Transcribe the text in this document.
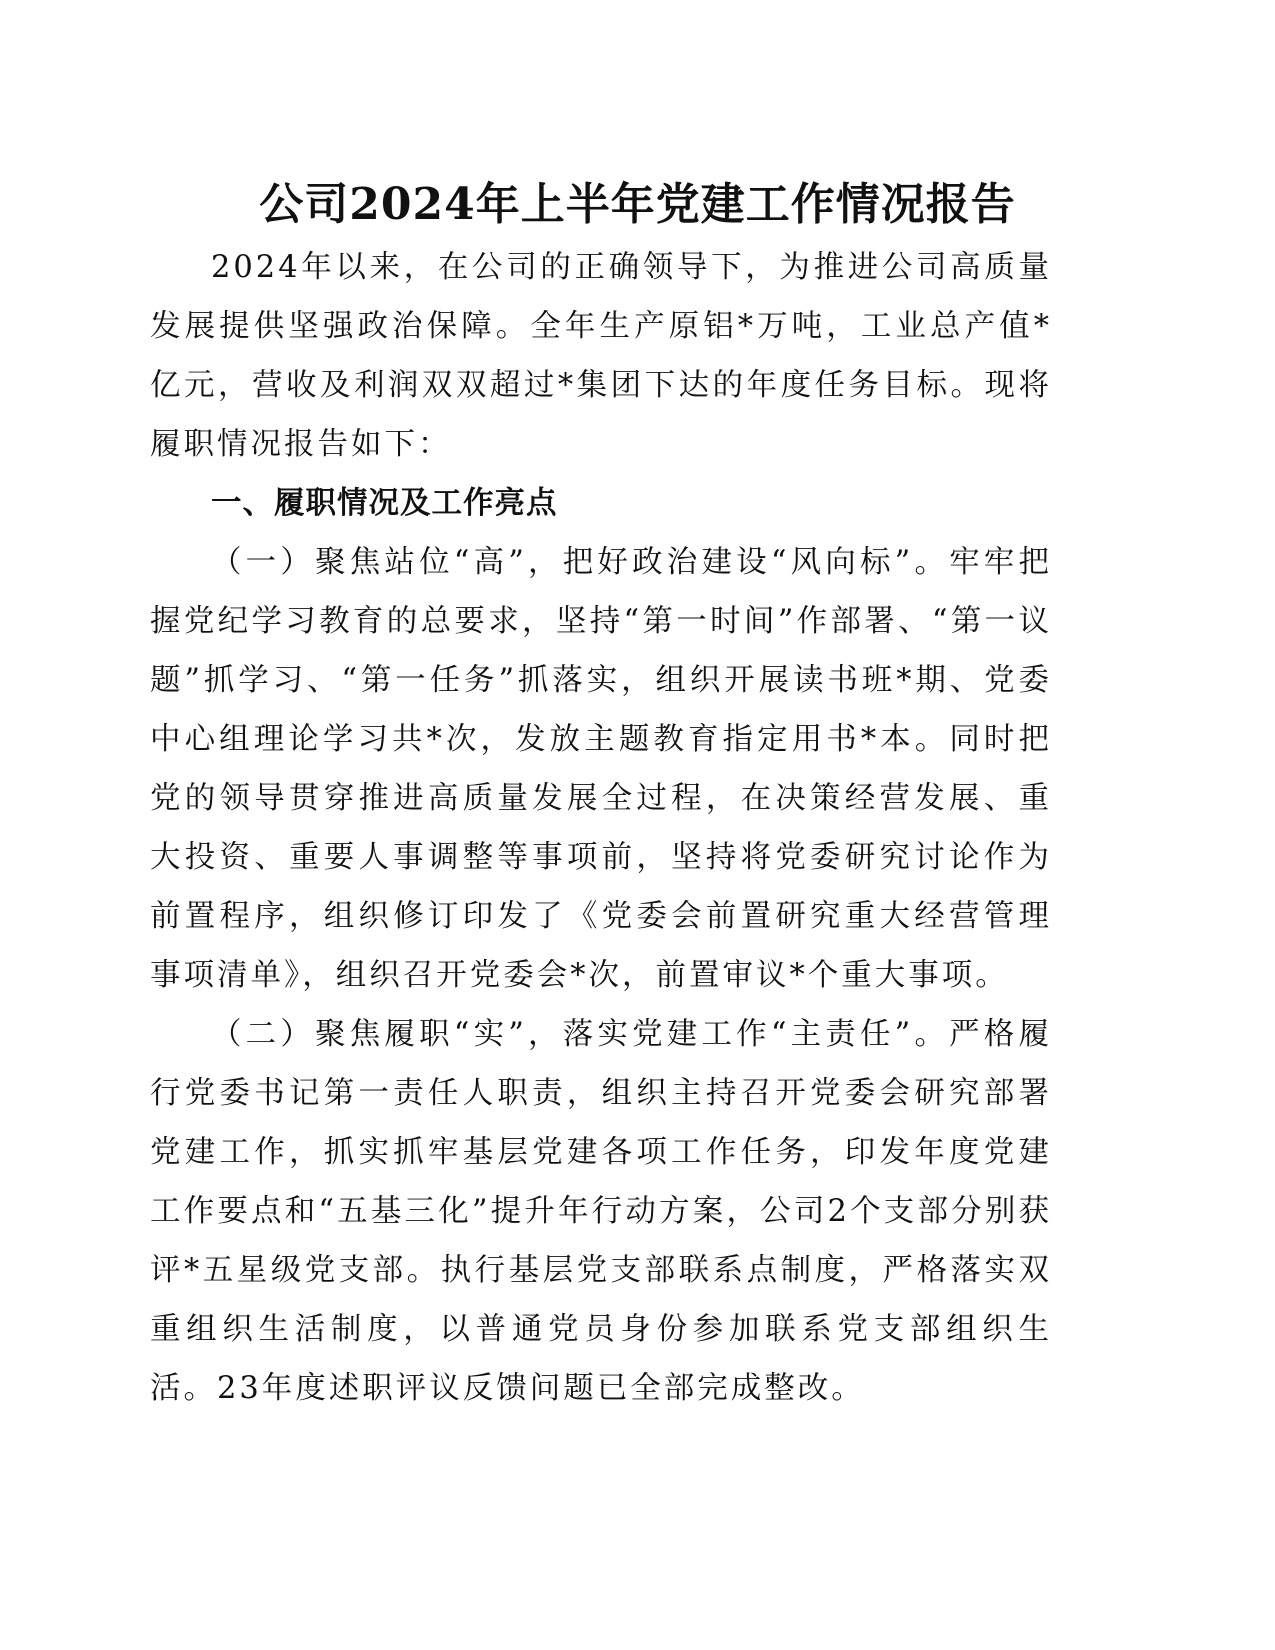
公司2024年上半年党建工作情况报告

2024年以来，在公司的正确领导下，为推进公司高质量发展提供坚强政治保障。全年生产原铝*万吨，工业总产值*亿元，营收及利润双双超过*集团下达的年度任务目标。现将履职情况报告如下：

一、履职情况及工作亮点

（一）聚焦站位“高”，把好政治建设“风向标”。牢牢把握党纪学习教育的总要求，坚持“第一时间”作部署、“第一议题”抓学习、“第一任务”抓落实，组织开展读书班*期、党委中心组理论学习共*次，发放主题教育指定用书*本。同时把党的领导贯穿推进高质量发展全过程，在决策经营发展、重大投资、重要人事调整等事项前，坚持将党委研究讨论作为前置程序，组织修订印发了《党委会前置研究重大经营管理事项清单》，组织召开党委会*次，前置审议*个重大事项。

（二）聚焦履职“实”，落实党建工作“主责任”。严格履行党委书记第一责任人职责，组织主持召开党委会研究部署党建工作，抓实抓牢基层党建各项工作任务，印发年度党建工作要点和“五基三化”提升年行动方案，公司2个支部分别获评*五星级党支部。执行基层党支部联系点制度，严格落实双重组织生活制度，以普通党员身份参加联系党支部组织生活。23年度述职评议反馈问题已全部完成整改。
